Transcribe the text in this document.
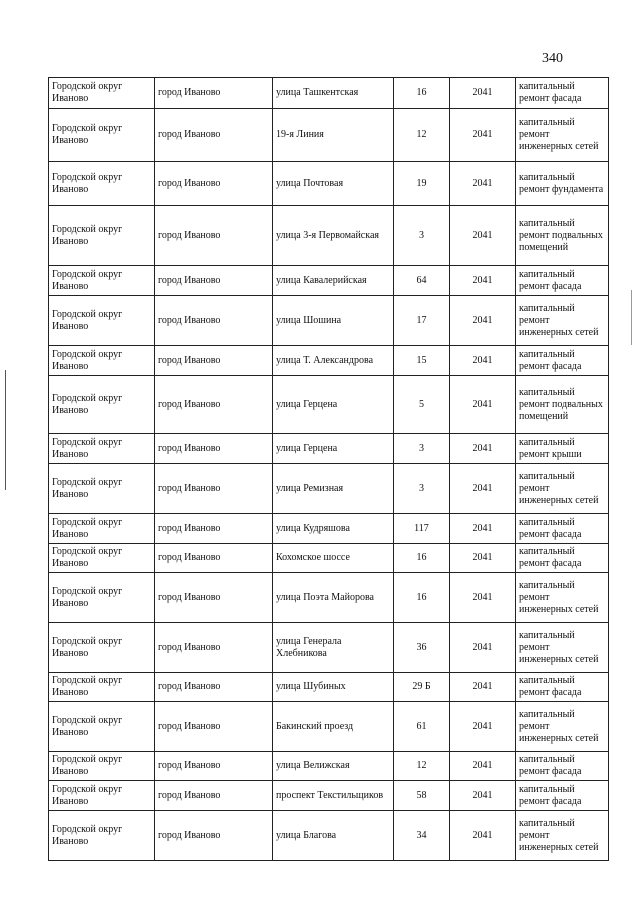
340
Городской округ Иваново	город Иваново	улица Ташкентская	16	2041	капитальный ремонт фасада
Городской округ Иваново	город Иваново	19-я Линия	12	2041	капитальный ремонт инженерных сетей
Городской округ Иваново	город Иваново	улица Почтовая	19	2041	капитальный ремонт фундамента
Городской округ Иваново	город Иваново	улица 3-я Первомайская	3	2041	капитальный ремонт подвальных помещений
Городской округ Иваново	город Иваново	улица Кавалерийская	64	2041	капитальный ремонт фасада
Городской округ Иваново	город Иваново	улица Шошина	17	2041	капитальный ремонт инженерных сетей
Городской округ Иваново	город Иваново	улица Т. Александрова	15	2041	капитальный ремонт фасада
Городской округ Иваново	город Иваново	улица Герцена	5	2041	капитальный ремонт подвальных помещений
Городской округ Иваново	город Иваново	улица Герцена	3	2041	капитальный ремонт крыши
Городской округ Иваново	город Иваново	улица Ремизная	3	2041	капитальный ремонт инженерных сетей
Городской округ Иваново	город Иваново	улица Кудряшова	117	2041	капитальный ремонт фасада
Городской округ Иваново	город Иваново	Кохомское шоссе	16	2041	капитальный ремонт фасада
Городской округ Иваново	город Иваново	улица Поэта Майорова	16	2041	капитальный ремонт инженерных сетей
Городской округ Иваново	город Иваново	улица Генерала Хлебникова	36	2041	капитальный ремонт инженерных сетей
Городской округ Иваново	город Иваново	улица Шубиных	29 Б	2041	капитальный ремонт фасада
Городской округ Иваново	город Иваново	Бакинский проезд	61	2041	капитальный ремонт инженерных сетей
Городской округ Иваново	город Иваново	улица Велижская	12	2041	капитальный ремонт фасада
Городской округ Иваново	город Иваново	проспект Текстильщиков	58	2041	капитальный ремонт фасада
Городской округ Иваново	город Иваново	улица Благова	34	2041	капитальный ремонт инженерных сетей
